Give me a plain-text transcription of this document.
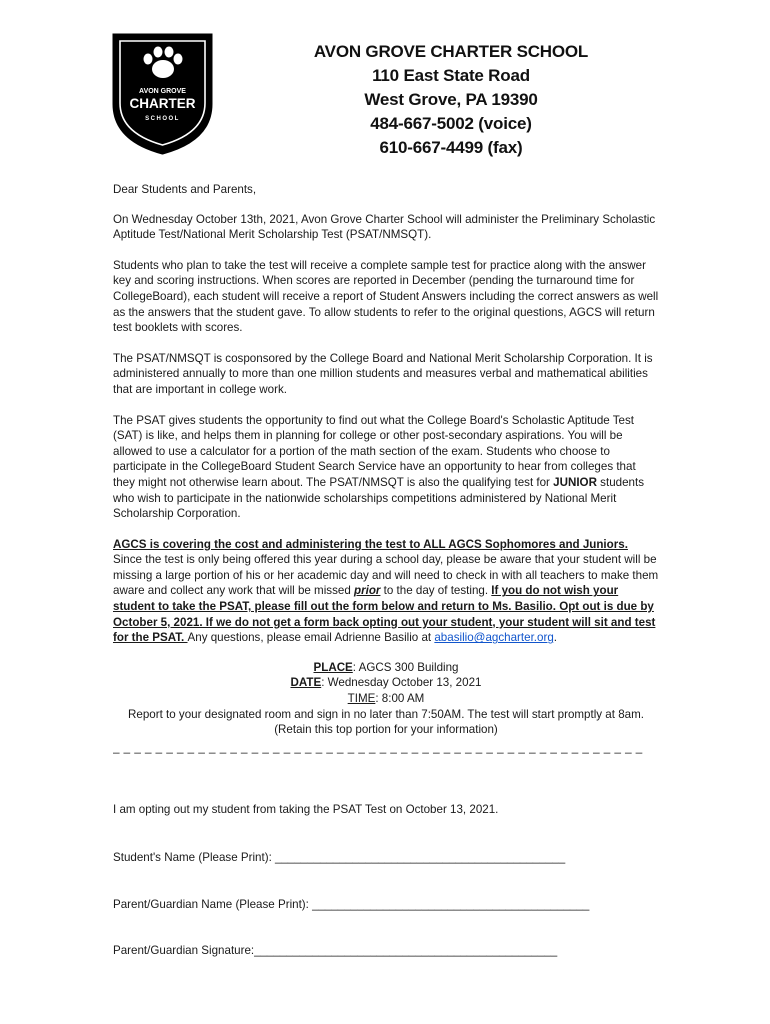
AVON GROVE
CHARTER
SCHOOL
AVON GROVE CHARTER SCHOOL
110 East State Road
West Grove, PA 19390
484-667-5002 (voice)
610-667-4499 (fax)

Dear Students and Parents,

On Wednesday October 13th, 2021, Avon Grove Charter School will administer the Preliminary Scholastic Aptitude Test/National Merit Scholarship Test (PSAT/NMSQT).

Students who plan to take the test will receive a complete sample test for practice along with the answer key and scoring instructions. When scores are reported in December (pending the turnaround time for CollegeBoard), each student will receive a report of Student Answers including the correct answers as well as the answers that the student gave. To allow students to refer to the original questions, AGCS will return test booklets with scores.

The PSAT/NMSQT is cosponsored by the College Board and National Merit Scholarship Corporation. It is administered annually to more than one million students and measures verbal and mathematical abilities that are important in college work.

The PSAT gives students the opportunity to find out what the College Board's Scholastic Aptitude Test (SAT) is like, and helps them in planning for college or other post-secondary aspirations. You will be allowed to use a calculator for a portion of the math section of the exam. Students who choose to participate in the CollegeBoard Student Search Service have an opportunity to hear from colleges that they might not otherwise learn about. The PSAT/NMSQT is also the qualifying test for JUNIOR students who wish to participate in the nationwide scholarships competitions administered by National Merit Scholarship Corporation.

AGCS is covering the cost and administering the test to ALL AGCS Sophomores and Juniors. Since the test is only being offered this year during a school day, please be aware that your student will be missing a large portion of his or her academic day and will need to check in with all teachers to make them aware and collect any work that will be missed prior to the day of testing. If you do not wish your student to take the PSAT, please fill out the form below and return to Ms. Basilio. Opt out is due by October 5, 2021. If we do not get a form back opting out your student, your student will sit and test for the PSAT. Any questions, please email Adrienne Basilio at abasilio@agcharter.org.

PLACE: AGCS 300 Building
DATE: Wednesday October 13, 2021
TIME: 8:00 AM
Report to your designated room and sign in no later than 7:50AM. The test will start promptly at 8am. (Retain this top portion for your information)
_ _ _ _ _ _ _ _ _ _ _ _ _ _ _ _ _ _ _ _ _ _ _ _ _ _ _ _ _ _ _ _ _ _ _ _ _ _ _ _ _ _ _ _ _ _ _ _ _ _
I am opting out my student from taking the PSAT Test on October 13, 2021.
Student's Name (Please Print): _____________________________________________
Parent/Guardian Name (Please Print): ___________________________________________
Parent/Guardian Signature:_______________________________________________
